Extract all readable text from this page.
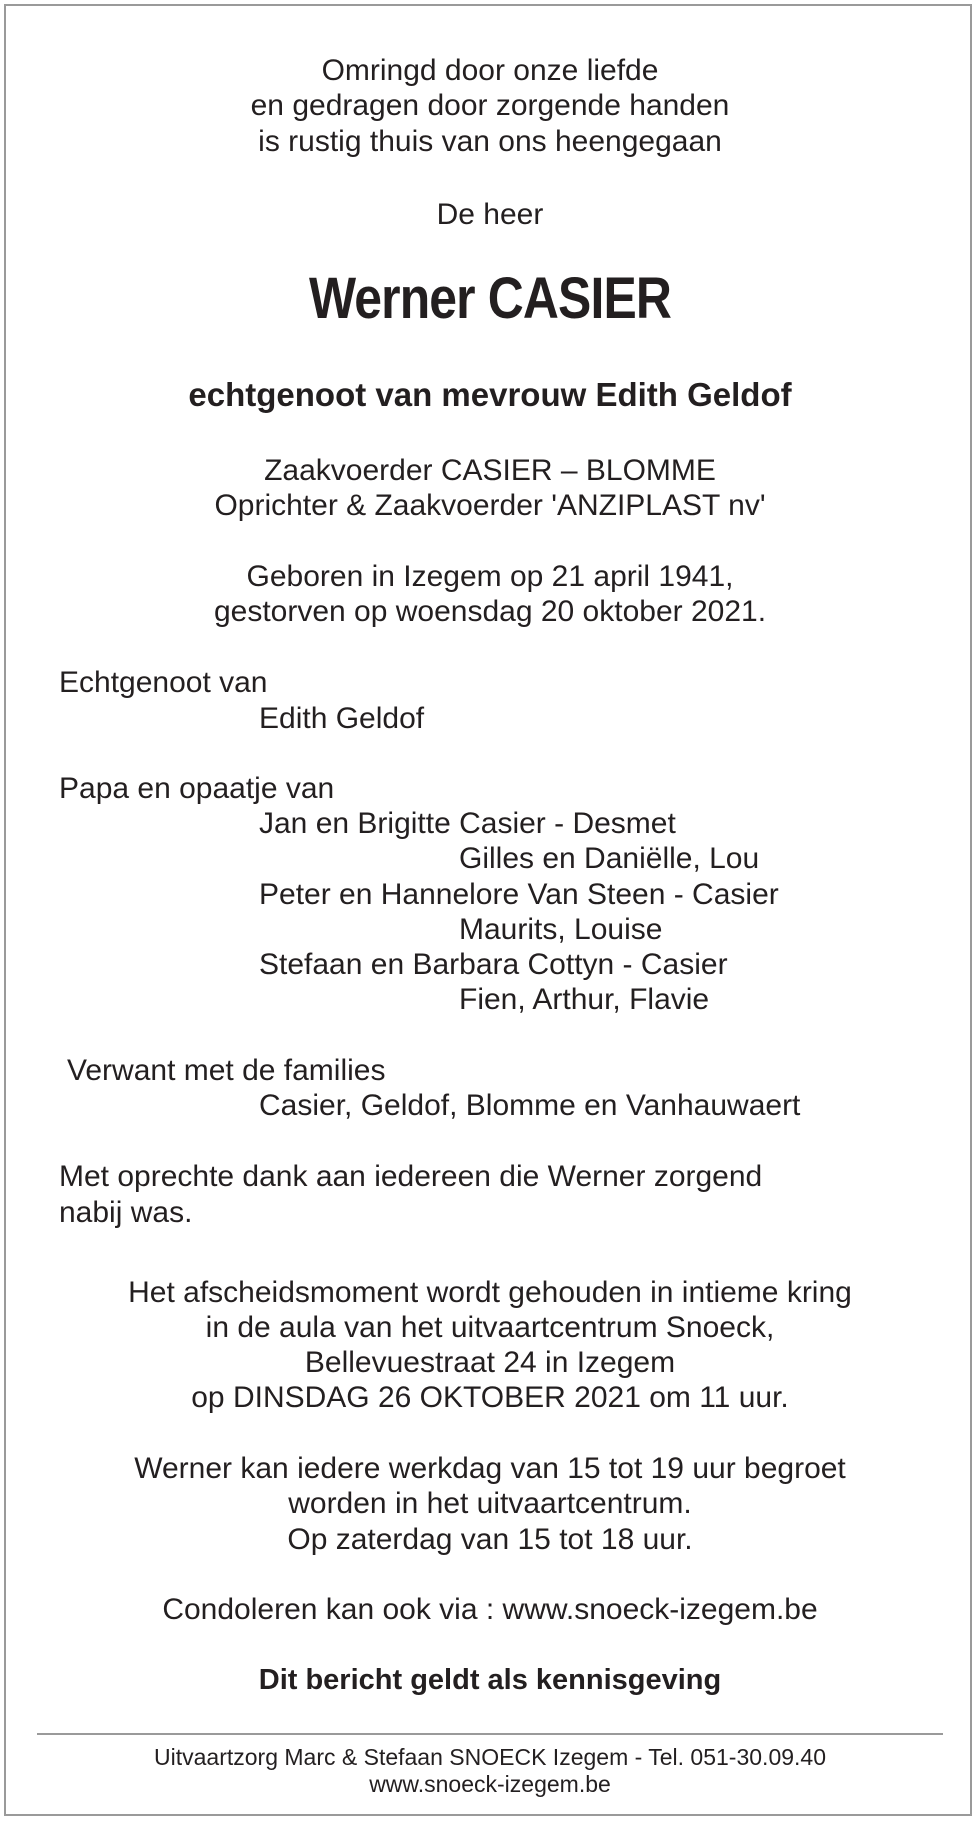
Omringd door onze liefde
en gedragen door zorgende handen
is rustig thuis van ons heengegaan
De heer
Werner CASIER
echtgenoot van mevrouw Edith Geldof
Zaakvoerder CASIER – BLOMME
Oprichter & Zaakvoerder 'ANZIPLAST nv'
Geboren in Izegem op 21 april 1941,
gestorven op woensdag 20 oktober 2021.
Echtgenoot van
Edith Geldof
Papa en opaatje van
Jan en Brigitte Casier - Desmet
Gilles en Daniëlle, Lou
Peter en Hannelore Van Steen - Casier
Maurits, Louise
Stefaan en Barbara Cottyn - Casier
Fien, Arthur, Flavie
Verwant met de families
Casier, Geldof, Blomme en Vanhauwaert
Met oprechte dank aan iedereen die Werner zorgend
nabij was.
Het afscheidsmoment wordt gehouden in intieme kring
in de aula van het uitvaartcentrum Snoeck,
Bellevuestraat 24 in Izegem
op DINSDAG 26 OKTOBER 2021 om 11 uur.
Werner kan iedere werkdag van 15 tot 19 uur begroet
worden in het uitvaartcentrum.
Op zaterdag van 15 tot 18 uur.
Condoleren kan ook via : www.snoeck-izegem.be
Dit bericht geldt als kennisgeving
Uitvaartzorg Marc & Stefaan SNOECK Izegem - Tel. 051-30.09.40
www.snoeck-izegem.be
